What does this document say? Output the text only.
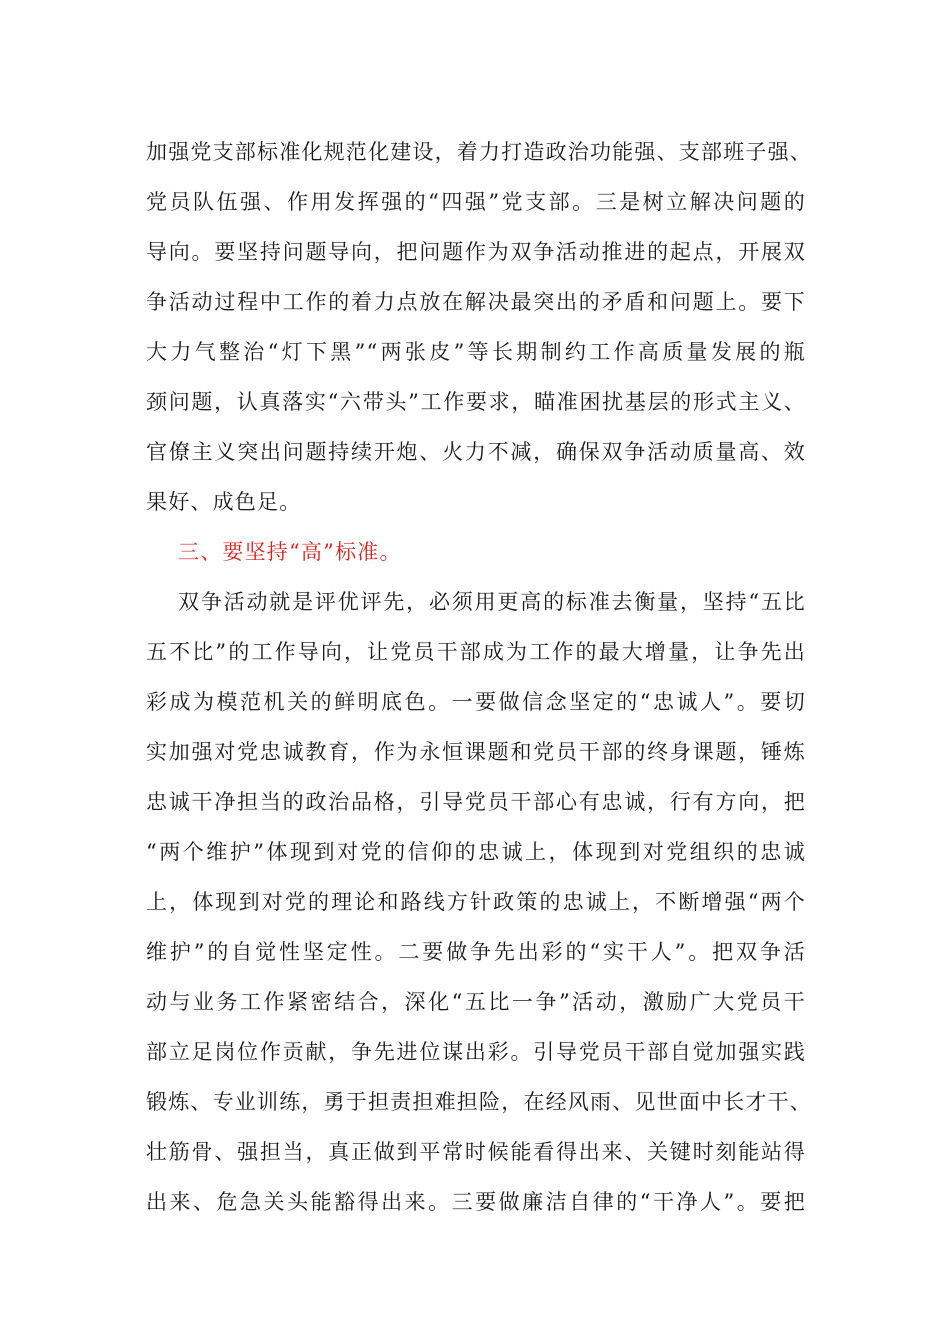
加强党支部标准化规范化建设，着力打造政治功能强、支部班子强、
党员队伍强、作用发挥强的“四强”党支部。三是树立解决问题的
导向。要坚持问题导向，把问题作为双争活动推进的起点，开展双
争活动过程中工作的着力点放在解决最突出的矛盾和问题上。要下
大力气整治“灯下黑”“两张皮”等长期制约工作高质量发展的瓶
颈问题，认真落实“六带头”工作要求，瞄准困扰基层的形式主义、
官僚主义突出问题持续开炮、火力不减，确保双争活动质量高、效
果好、成色足。
三、要坚持“高”标准。
双争活动就是评优评先，必须用更高的标准去衡量，坚持“五比
五不比”的工作导向，让党员干部成为工作的最大增量，让争先出
彩成为模范机关的鲜明底色。一要做信念坚定的“忠诚人”。要切
实加强对党忠诚教育，作为永恒课题和党员干部的终身课题，锤炼
忠诚干净担当的政治品格，引导党员干部心有忠诚，行有方向，把
“两个维护”体现到对党的信仰的忠诚上，体现到对党组织的忠诚
上，体现到对党的理论和路线方针政策的忠诚上，不断增强“两个
维护”的自觉性坚定性。二要做争先出彩的“实干人”。把双争活
动与业务工作紧密结合，深化“五比一争”活动，激励广大党员干
部立足岗位作贡献，争先进位谋出彩。引导党员干部自觉加强实践
锻炼、专业训练，勇于担责担难担险，在经风雨、见世面中长才干、
壮筋骨、强担当，真正做到平常时候能看得出来、关键时刻能站得
出来、危急关头能豁得出来。三要做廉洁自律的“干净人”。要把
